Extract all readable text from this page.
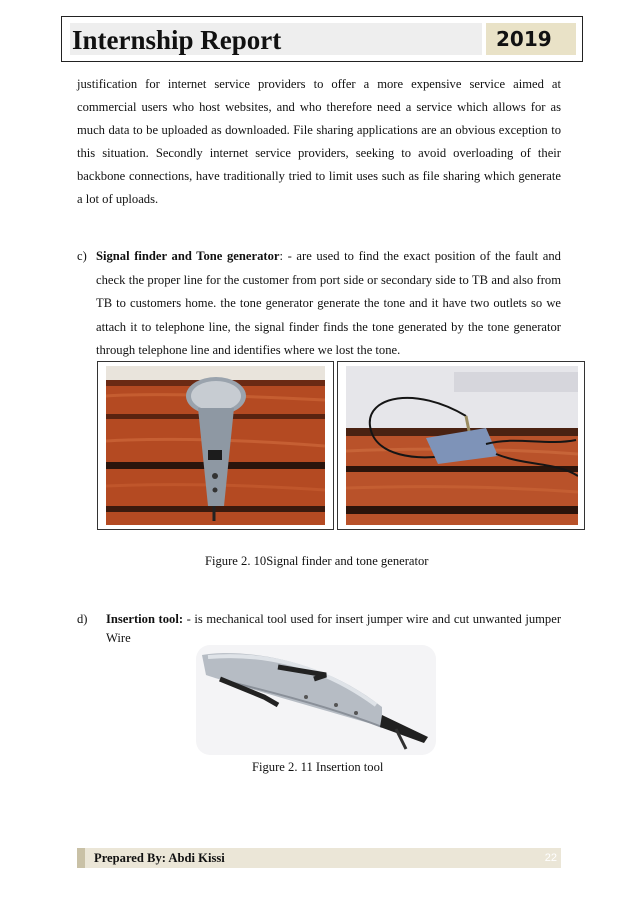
Internship Report	2019

justification for internet service providers to offer a more expensive service aimed at commercial users who host websites, and who therefore need a service which allows for as much data to be uploaded as downloaded. File sharing applications are an obvious exception to this situation. Secondly internet service providers, seeking to avoid overloading of their backbone connections, have traditionally tried to limit uses such as file sharing which generate a lot of uploads.

c) Signal finder and Tone generator: - are used to find the exact position of the fault and check the proper line for the customer from port side or secondary side to TB and also from TB to customers home. the tone generator generate the tone and it have two outlets so we attach it to telephone line, the signal finder finds the tone generated by the tone generator through telephone line and identifies where we lost the tone.
Figure 2. 10Signal finder and tone generator
d) Insertion tool: - is mechanical tool used for insert jumper wire and cut unwanted jumper Wire
Figure 2. 11 Insertion tool
Prepared By: Abdi Kissi	22
